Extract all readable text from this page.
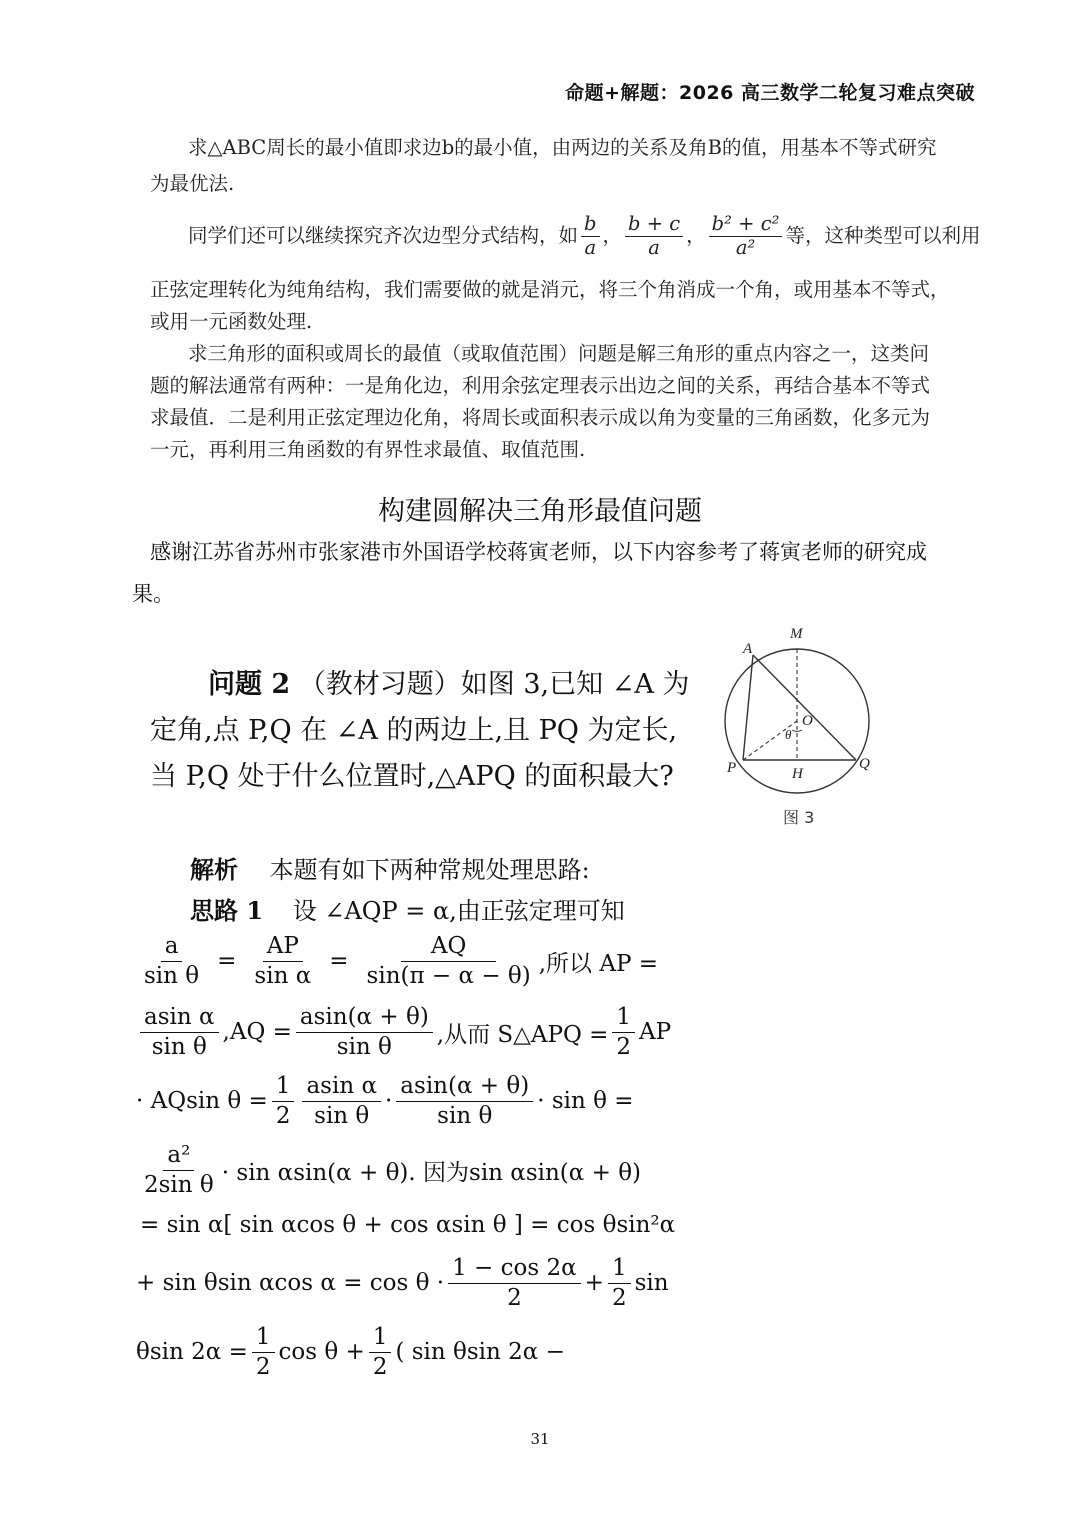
命题+解题：2026 高三数学二轮复习难点突破
求△ABC周长的最小值即求边b的最小值，由两边的关系及角B的值，用基本不等式研究
为最优法.
同学们还可以继续探究齐次边型分式结构，如 $\frac{b}{a}$ ， $\frac{b + c}{a}$ ， $\frac{\text{b² + c²}}{\text{a²}}$ 等，这种类型可以利用
正弦定理转化为纯角结构，我们需要做的就是消元，将三个角消成一个角，或用基本不等式，
或用一元函数处理.
求三角形的面积或周长的最值（或取值范围）问题是解三角形的重点内容之一，这类问
题的解法通常有两种：一是角化边，利用余弦定理表示出边之间的关系，再结合基本不等式
求最值．二是利用正弦定理边化角，将周长或面积表示成以角为变量的三角函数，化多元为
一元，再利用三角函数的有界性求最值、取值范围.
构建圆解决三角形最值问题
感谢江苏省苏州市张家港市外国语学校蒋寅老师，以下内容参考了蒋寅老师的研究成
果。
问题 2 （教材习题）如图 3,已知 ∠A 为
定角,点 P,Q 在 ∠A 的两边上,且 PQ 为定长,
当 P,Q 处于什么位置时,△APQ 的面积最大?
A
M
O
θ
P	H
Q
图 3
解析 本题有如下两种常规处理思路:
思路 1 设 ∠AQP = α,由正弦定理可知
$\frac{a}{\text{sin θ}} = \frac{AP}{\text{sin α}} = \frac{AQ}{\sin(\pi - \alpha - \theta)}$ ,所以 AP =
$\frac{\text{asin α}}{\text{sin θ}} ,AQ = \frac{asin(\alpha + \theta)}{\text{sin θ}}$ ,从而 S△APQ = $\frac{1}{2}$ AP
· AQsin $\theta = \frac{1}{2} \frac{\text{asin α}}{\text{sin θ}} \cdot \frac{asin(\alpha + \theta)}{\text{sin θ}} \cdot \sin \theta$ =
$\frac{\text{a²}}{\text{2sin θ}} \cdot \sin \alpha\sin(\alpha + \theta)$. 因为sin αsin(α + θ)
= sin α[ sin αcos θ + cos αsin θ ] = cos θsin²α
+ sin θsin αcos $\alpha = \cos \theta \cdot \frac{1 - \cos 2\alpha}{2} + \frac{1}{2}$ sin
θsin $2\alpha = \frac{1}{2}$ $\cos \theta + \frac{1}{2}$ ( sin θsin 2α −
31
